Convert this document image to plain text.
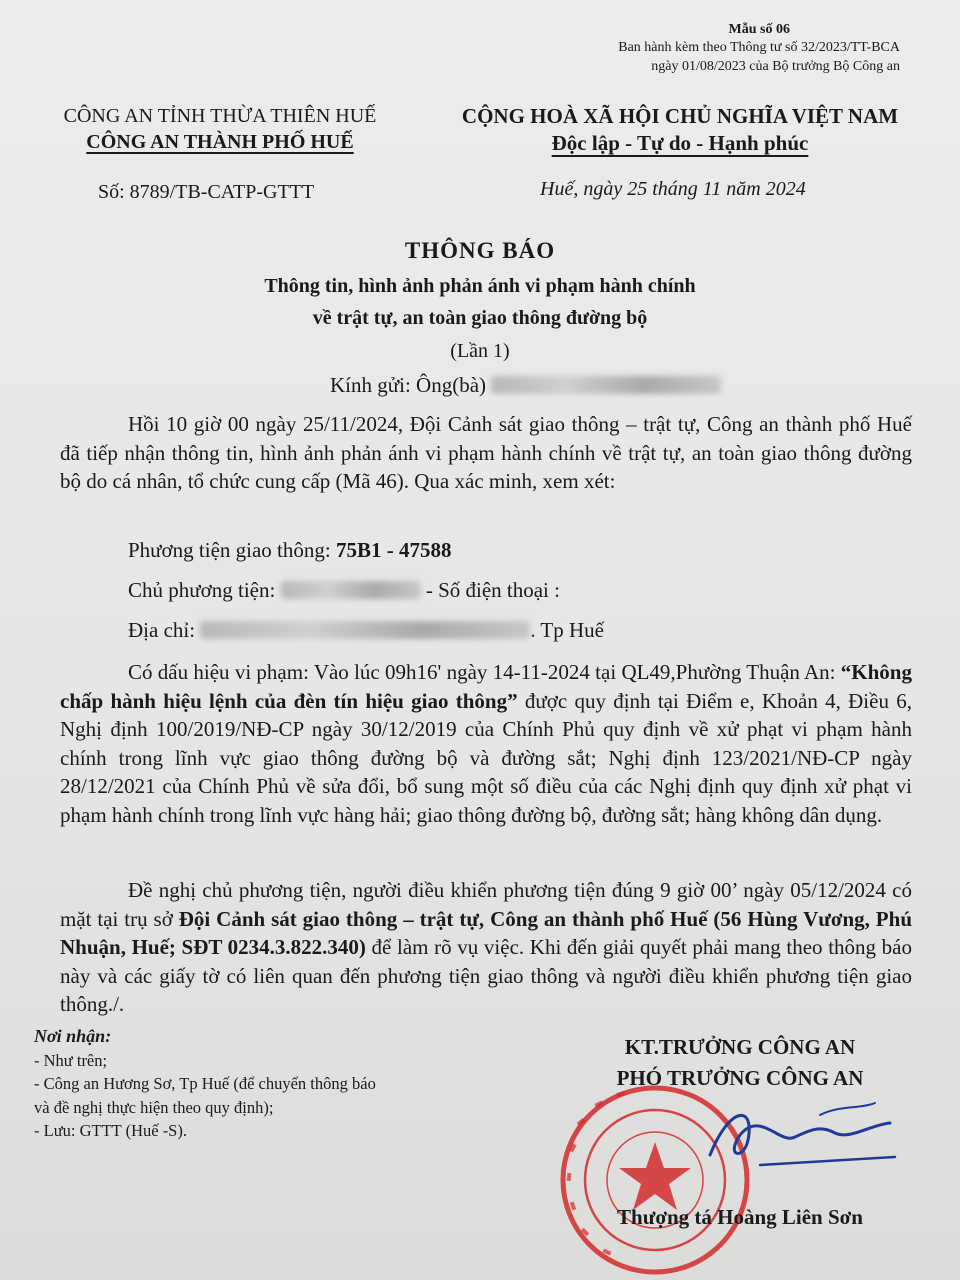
Mẫu số 06
Ban hành kèm theo Thông tư số 32/2023/TT-BCA
ngày 01/08/2023 của Bộ trưởng Bộ Công an
CÔNG AN TỈNH THỪA THIÊN HUẾ
CÔNG AN THÀNH PHỐ HUẾ
CỘNG HOÀ XÃ HỘI CHỦ NGHĨA VIỆT NAM
Độc lập - Tự do - Hạnh phúc
Số: 8789/TB-CATP-GTTT	Huế, ngày 25 tháng 11 năm 2024
THÔNG BÁO
Thông tin, hình ảnh phản ánh vi phạm hành chính
về trật tự, an toàn giao thông đường bộ
(Lần 1)
Kính gửi: Ông(bà)

Hồi 10 giờ 00 ngày 25/11/2024, Đội Cảnh sát giao thông – trật tự, Công an thành phố Huế đã tiếp nhận thông tin, hình ảnh phản ánh vi phạm hành chính về trật tự, an toàn giao thông đường bộ do cá nhân, tổ chức cung cấp (Mã 46). Qua xác minh, xem xét:

Phương tiện giao thông: 75B1 - 47588
Chủ phương tiện:	- Số điện thoại :
Địa chỉ:	. Tp Huế

Có dấu hiệu vi phạm: Vào lúc 09h16' ngày 14-11-2024 tại QL49,Phường Thuận An: “Không chấp hành hiệu lệnh của đèn tín hiệu giao thông” được quy định tại Điểm e, Khoản 4, Điều 6, Nghị định 100/2019/NĐ-CP ngày 30/12/2019 của Chính Phủ quy định về xử phạt vi phạm hành chính trong lĩnh vực giao thông đường bộ và đường sắt; Nghị định 123/2021/NĐ-CP ngày 28/12/2021 của Chính Phủ về sửa đổi, bổ sung một số điều của các Nghị định quy định xử phạt vi phạm hành chính trong lĩnh vực hàng hải; giao thông đường bộ, đường sắt; hàng không dân dụng.

Đề nghị chủ phương tiện, người điều khiển phương tiện đúng 9 giờ 00’ ngày 05/12/2024 có mặt tại trụ sở Đội Cảnh sát giao thông – trật tự, Công an thành phố Huế (56 Hùng Vương, Phú Nhuận, Huế; SĐT 0234.3.822.340) để làm rõ vụ việc. Khi đến giải quyết phải mang theo thông báo này và các giấy tờ có liên quan đến phương tiện giao thông và người điều khiển phương tiện giao thông./.

Nơi nhận:
- Như trên;
- Công an Hương Sơ, Tp Huế (để chuyển thông báo
và đề nghị thực hiện theo quy định);
- Lưu: GTTT (Huế -S).
KT.TRƯỞNG CÔNG AN
PHÓ TRƯỞNG CÔNG AN
Thượng tá Hoàng Liên Sơn
